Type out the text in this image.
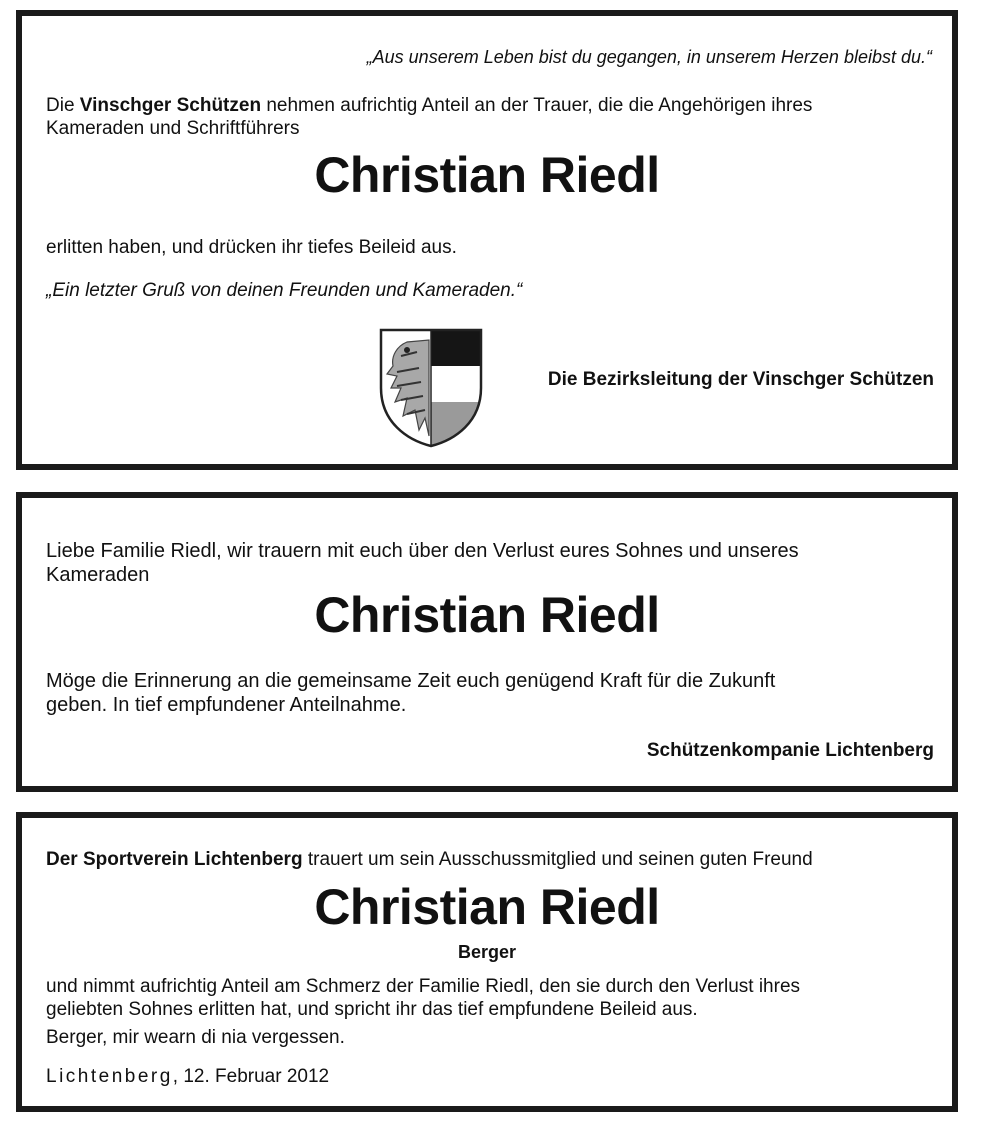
„Aus unserem Leben bist du gegangen, in unserem Herzen bleibst du.“

Die Vinschger Schützen nehmen aufrichtig Anteil an der Trauer, die die Angehörigen ihres

Kameraden und Schriftführers

Christian Riedl

erlitten haben, und drücken ihr tiefes Beileid aus.

„Ein letzter Gruß von deinen Freunden und Kameraden.“

Die Bezirksleitung der Vinschger Schützen

Liebe Familie Riedl, wir trauern mit euch über den Verlust eures Sohnes und unseres

Kameraden

Christian Riedl

Möge die Erinnerung an die gemeinsame Zeit euch genügend Kraft für die Zukunft

geben. In tief empfundener Anteilnahme.

Schützenkompanie Lichtenberg

Der Sportverein Lichtenberg trauert um sein Ausschussmitglied und seinen guten Freund

Christian Riedl

Berger

und nimmt aufrichtig Anteil am Schmerz der Familie Riedl, den sie durch den Verlust ihres

geliebten Sohnes erlitten hat, und spricht ihr das tief empfundene Beileid aus.

Berger, mir wearn di nia vergessen.

Lichtenberg, 12. Februar 2012
